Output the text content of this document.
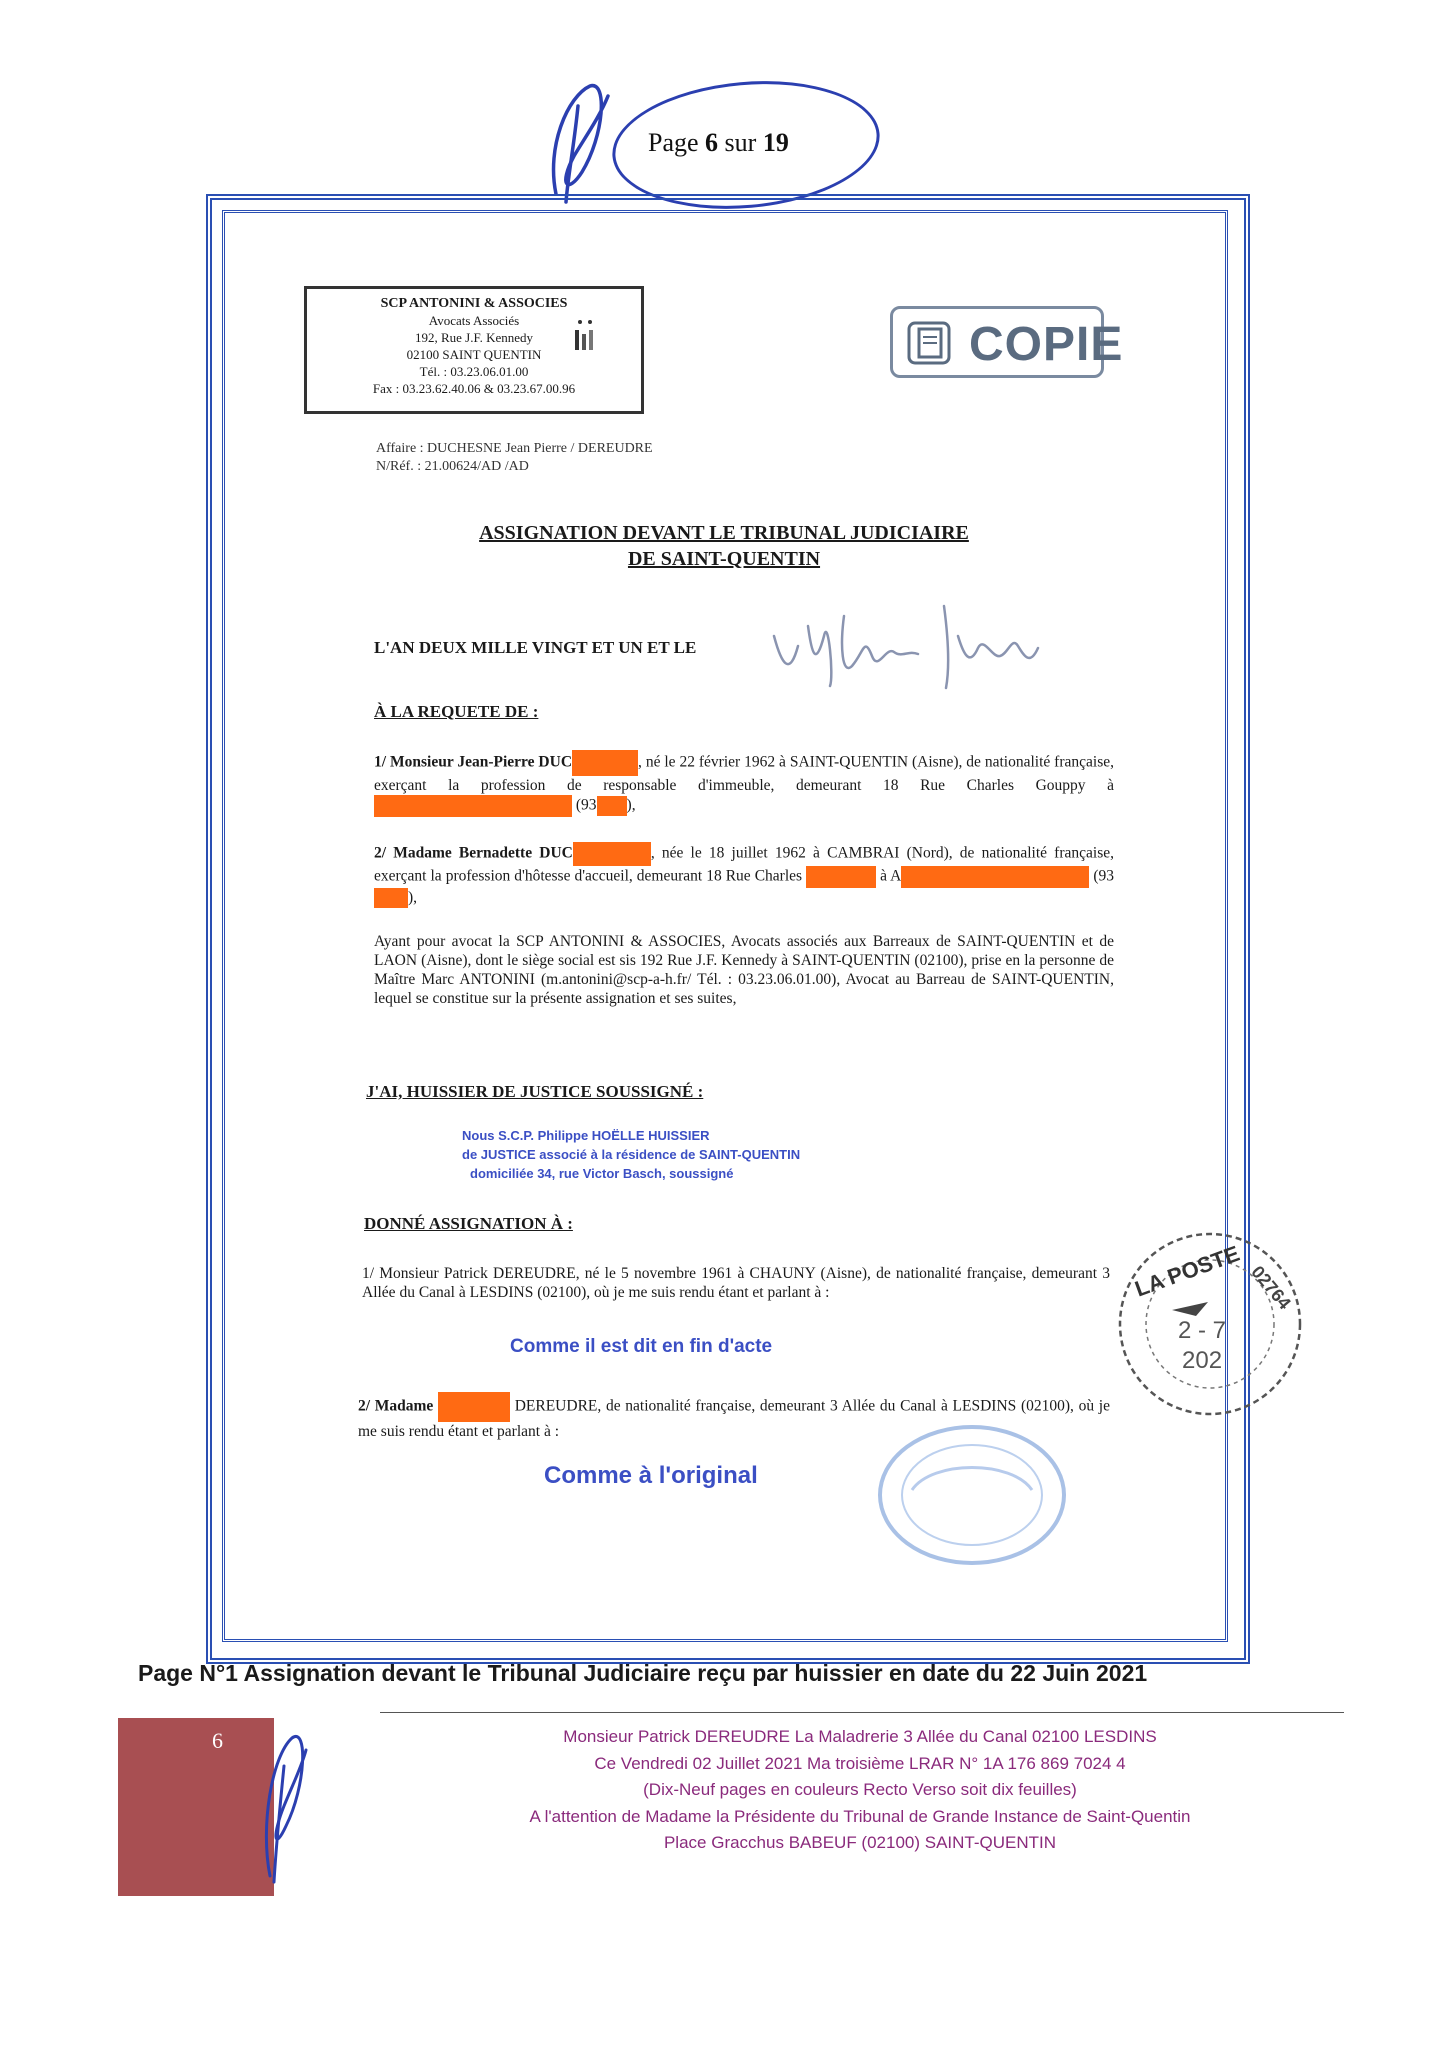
Page 6 sur 19
SCP ANTONINI & ASSOCIES
Avocats Associés
192, Rue J.F. Kennedy
02100 SAINT QUENTIN
Tél. : 03.23.06.01.00
Fax : 03.23.62.40.06 & 03.23.67.00.96
COPIE
Affaire : DUCHESNE Jean Pierre / DEREUDRE
N/Réf. : 21.00624/AD /AD
ASSIGNATION DEVANT LE TRIBUNAL JUDICIAIRE
DE SAINT-QUENTIN
L'AN DEUX MILLE VINGT ET UN ET LE
À LA REQUETE DE :
1/ Monsieur Jean-Pierre DUC	, né le 22 février 1962 à SAINT-QUENTIN (Aisne), de nationalité française, exerçant la profession de responsable d'immeuble, demeurant 18 Rue Charles Gouppy à  (93 ),
2/ Madame Bernadette DUC	, née le 18 juillet 1962 à CAMBRAI (Nord), de nationalité française, exerçant la profession d'hôtesse d'accueil, demeurant 18 Rue Charles	à A	(93),
Ayant pour avocat la SCP ANTONINI & ASSOCIES, Avocats associés aux Barreaux de SAINT-QUENTIN et de LAON (Aisne), dont le siège social est sis 192 Rue J.F. Kennedy à SAINT-QUENTIN (02100), prise en la personne de Maître Marc ANTONINI (m.antonini@scp-a-h.fr/ Tél. : 03.23.06.01.00), Avocat au Barreau de SAINT-QUENTIN, lequel se constitue sur la présente assignation et ses suites,
J'AI, HUISSIER DE JUSTICE SOUSSIGNÉ :
Nous S.C.P. Philippe HOËLLE HUISSIER
de JUSTICE associé à la résidence de SAINT-QUENTIN
domiciliée 34, rue Victor Basch, soussigné
DONNÉ ASSIGNATION À :
1/ Monsieur Patrick DEREUDRE, né le 5 novembre 1961 à CHAUNY (Aisne), de nationalité française, demeurant 3 Allée du Canal à LESDINS (02100), où je me suis rendu étant et parlant à :
Comme il est dit en fin d'acte
2/ Madame	DEREUDRE, de nationalité française, demeurant 3 Allée du Canal à LESDINS (02100), où je me suis rendu étant et parlant à :
Comme à l'original
LA POSTE 02764
2 - 7
202
Page N°1 Assignation devant le Tribunal Judiciaire reçu par huissier en date du 22 Juin 2021
6	Monsieur Patrick DEREUDRE La Maladrerie 3 Allée du Canal 02100 LESDINS
Ce Vendredi 02 Juillet 2021 Ma troisième LRAR N° 1A 176 869 7024 4
(Dix-Neuf pages en couleurs Recto Verso soit dix feuilles)
A l'attention de Madame la Présidente du Tribunal de Grande Instance de Saint-Quentin
Place Gracchus BABEUF (02100) SAINT-QUENTIN
